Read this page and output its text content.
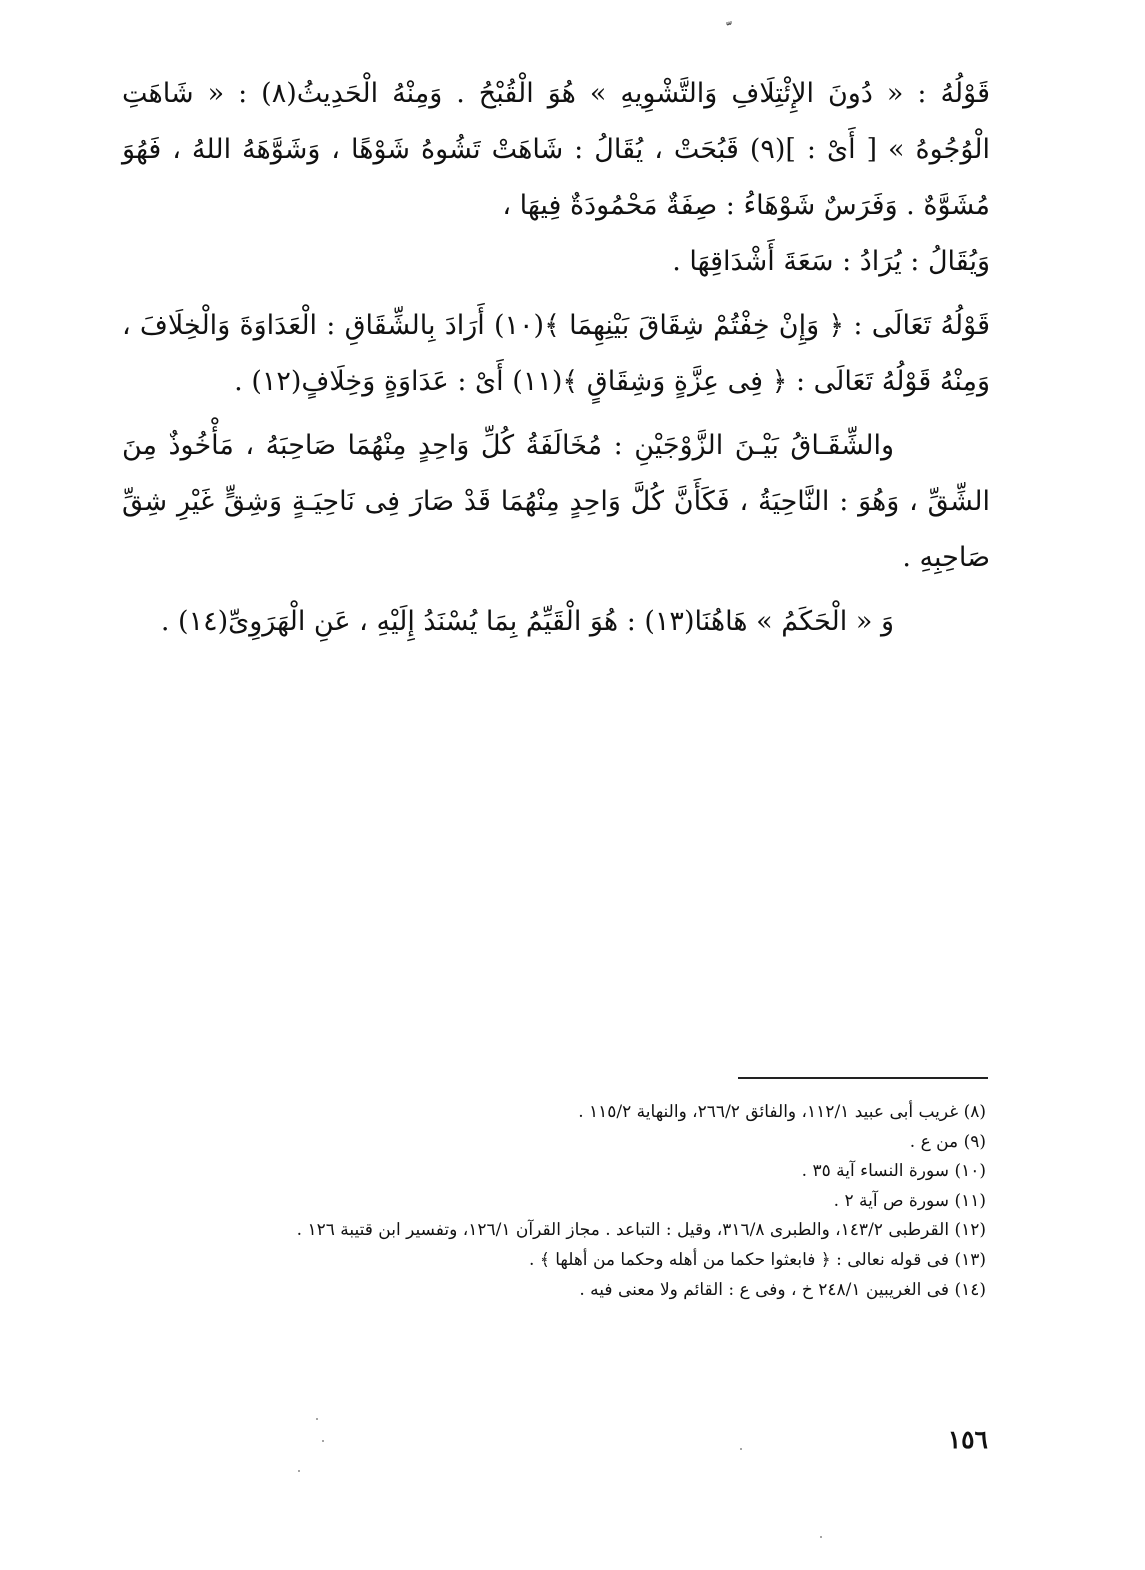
قَوْلُهُ : « دُونَ الإِئْتِلَافِ وَالتَّشْوِيهِ » هُوَ الْقُبْحُ . وَمِنْهُ الْحَدِيثُ(٨) : « شَاهَتِ الْوُجُوهُ » [ أَىْ : ](٩) قَبُحَتْ ، يُقَالُ : شَاهَتْ تَشُوهُ شَوْهًا ، وَشَوَّهَهُ اللهُ ، فَهُوَ مُشَوَّهٌ . وَفَرَسٌ شَوْهَاءُ : صِفَةٌ مَحْمُودَةٌ فِيهَا ،

وَيُقَالُ : يُرَادُ : سَعَةَ أَشْدَاقِهَا .

قَوْلُهُ تَعَالَى : ﴿ وَإِنْ خِفْتُمْ شِقَاقَ بَيْنِهِمَا ﴾(١٠) أَرَادَ بِالشِّقَاقِ : الْعَدَاوَةَ وَالْخِلَافَ ، وَمِنْهُ قَوْلُهُ تَعَالَى : ﴿ فِى عِزَّةٍ وَشِقَاقٍ ﴾(١١) أَىْ : عَدَاوَةٍ وَخِلَافٍ(١٢) .

والشِّقَـاقُ بَيْـنَ الزَّوْجَيْنِ : مُخَالَفَةُ كُلِّ وَاحِدٍ مِنْهُمَا صَاحِبَهُ ، مَأْخُوذٌ مِنَ الشِّقِّ ، وَهُوَ : النَّاحِيَةُ ، فَكَأَنَّ كُلَّ وَاحِدٍ مِنْهُمَا قَدْ صَارَ فِى نَاحِيَـةٍ وَشِقٍّ غَيْرِ شِقِّ صَاحِبِهِ .

وَ « الْحَكَمُ » هَاهُنَا(١٣) : هُوَ الْقَيِّمُ بِمَا يُسْنَدُ إِلَيْهِ ، عَنِ الْهَرَوِىِّ(١٤) .

(٨) غريب أبى عبيد ١١٢/١، والفائق ٢٦٦/٢، والنهاية ١١٥/٢ .
(٩) من ع .
(١٠) سورة النساء آية ٣٥ .
(١١) سورة ص آية ٢ .
(١٢) القرطبى ١٤٣/٢، والطبرى ٣١٦/٨، وقيل : التباعد . مجاز القرآن ١٢٦/١، وتفسير ابن قتيبة ١٢٦ .
(١٣) فى قوله نعالى : ﴿ فابعثوا حكما من أهله وحكما من أهلها ﴾ .
(١٤) فى الغريبين ٢٤٨/١ خ ، وفى ع : القائم ولا معنى فيه .
١٥٦
